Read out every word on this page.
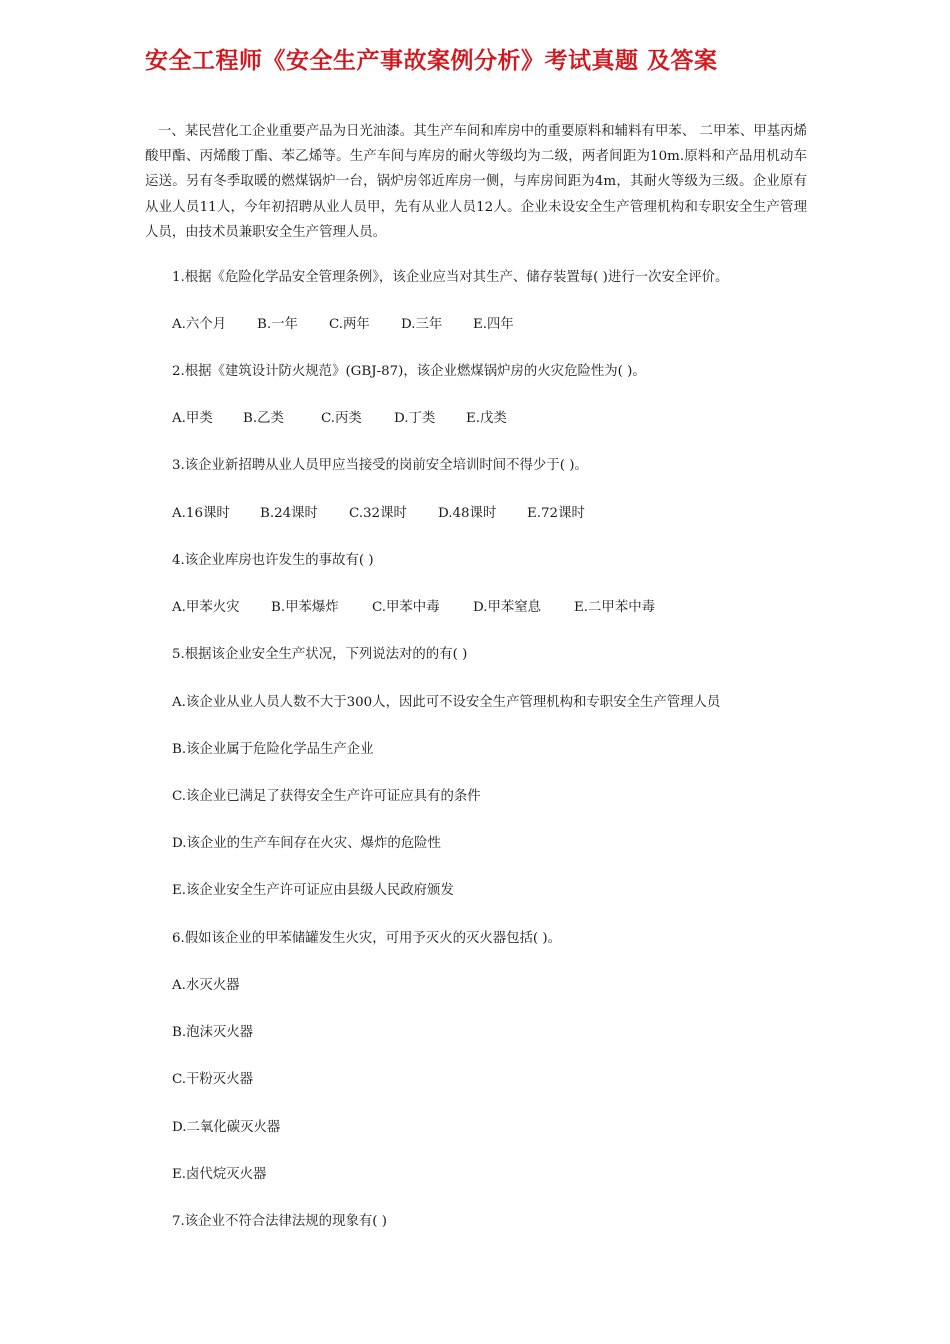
安全工程师《安全生产事故案例分析》考试真题 及答案
一、某民营化工企业重要产品为日光油漆。其生产车间和库房中的重要原料和辅料有甲苯、 二甲苯、甲基丙烯酸甲酯、丙烯酸丁酯、苯乙烯等。生产车间与库房的耐火等级均为二级，两者间距为10m.原料和产品用机动车运送。另有冬季取暖的燃煤锅炉一台，锅炉房邻近库房一侧，与库房间距为4m，其耐火等级为三级。企业原有从业人员11人，今年初招聘从业人员甲，先有从业人员12人。企业未设安全生产管理机构和专职安全生产管理人员，由技术员兼职安全生产管理人员。
1.根据《危险化学品安全管理条例》，该企业应当对其生产、储存装置每( )进行一次安全评价。
A.六个月 B.一年 C.两年 D.三年 E.四年
2.根据《建筑设计防火规范》(GBJ-87)，该企业燃煤锅炉房的火灾危险性为( )。
A.甲类 B.乙类	C.丙类 D.丁类 E.戊类
3.该企业新招聘从业人员甲应当接受的岗前安全培训时间不得少于( )。
A.16课时 B.24课时 C.32课时 D.48课时 E.72课时
4.该企业库房也许发生的事故有( )
A.甲苯火灾 B.甲苯爆炸 C.甲苯中毒 D.甲苯窒息 E.二甲苯中毒
5.根据该企业安全生产状况，下列说法对的的有( )
A.该企业从业人员人数不大于300人，因此可不设安全生产管理机构和专职安全生产管理人员
B.该企业属于危险化学品生产企业
C.该企业已满足了获得安全生产许可证应具有的条件
D.该企业的生产车间存在火灾、爆炸的危险性
E.该企业安全生产许可证应由县级人民政府颁发
6.假如该企业的甲苯储罐发生火灾，可用予灭火的灭火器包括( )。
A.水灭火器
B.泡沫灭火器
C.干粉灭火器
D.二氧化碳灭火器
E.卤代烷灭火器
7.该企业不符合法律法规的现象有( )
